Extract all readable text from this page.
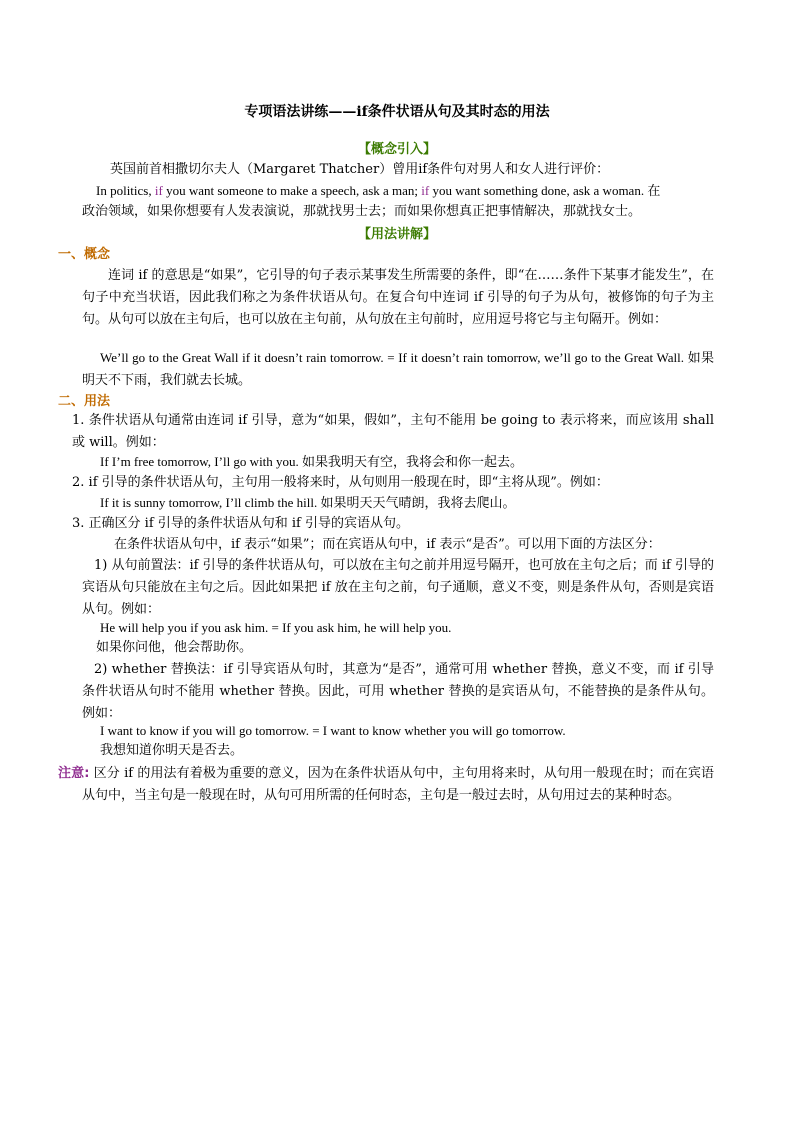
专项语法讲练——if条件状语从句及其时态的用法
【概念引入】
英国前首相撒切尔夫人（Margaret Thatcher）曾用if条件句对男人和女人进行评价：
In politics, if you want someone to make a speech, ask a man; if you want something done, ask a woman. 在
政治领域，如果你想要有人发表演说，那就找男士去；而如果你想真正把事情解决，那就找女士。
【用法讲解】
一、概念
连词 if 的意思是“如果”，它引导的句子表示某事发生所需要的条件，即“在……条件下某事才能发生”，在句子中充当状语，因此我们称之为条件状语从句。在复合句中连词 if 引导的句子为从句，被修饰的句子为主句。从句可以放在主句后，也可以放在主句前，从句放在主句前时，应用逗号将它与主句隔开。例如：
We’ll go to the Great Wall if it doesn’t rain tomorrow. = If it doesn’t rain tomorrow, we’ll go to the Great Wall. 如果明天不下雨，我们就去长城。
二、用法
1. 条件状语从句通常由连词 if 引导，意为“如果，假如”，主句不能用 be going to 表示将来，而应该用 shall 或 will。例如：
If I’m free tomorrow, I’ll go with you. 如果我明天有空，我将会和你一起去。
2. if 引导的条件状语从句，主句用一般将来时，从句则用一般现在时，即“主将从现”。例如：
If it is sunny tomorrow, I’ll climb the hill. 如果明天天气晴朗，我将去爬山。
3. 正确区分 if 引导的条件状语从句和 if 引导的宾语从句。
在条件状语从句中，if 表示“如果”；而在宾语从句中，if 表示“是否”。可以用下面的方法区分：
1) 从句前置法：if 引导的条件状语从句，可以放在主句之前并用逗号隔开，也可放在主句之后；而 if 引导的宾语从句只能放在主句之后。因此如果把 if 放在主句之前，句子通顺，意义不变，则是条件从句，否则是宾语从句。例如：
He will help you if you ask him. = If you ask him, he will help you.
如果你问他，他会帮助你。
2) whether 替换法：if 引导宾语从句时，其意为“是否”，通常可用 whether 替换，意义不变，而 if 引导条件状语从句时不能用 whether 替换。因此，可用 whether 替换的是宾语从句，不能替换的是条件从句。例如：
I want to know if you will go tomorrow. = I want to know whether you will go tomorrow.
我想知道你明天是否去。
注意: 区分 if 的用法有着极为重要的意义，因为在条件状语从句中，主句用将来时，从句用一般现在时；而在宾语从句中，当主句是一般现在时，从句可用所需的任何时态，主句是一般过去时，从句用过去的某种时态。
